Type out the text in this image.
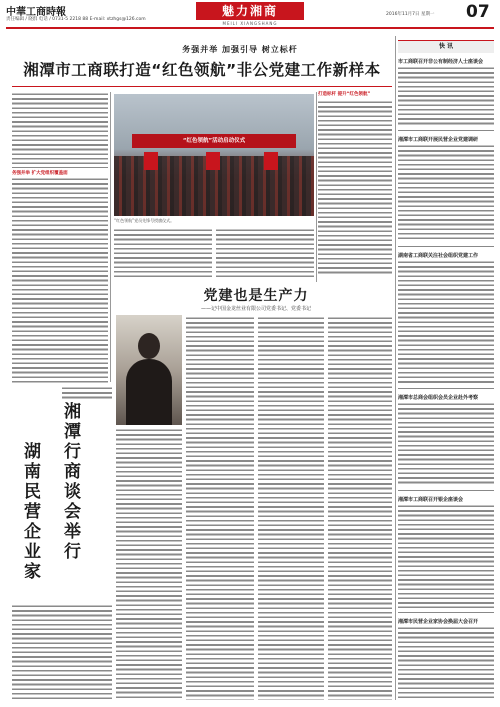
中華工商時報
责任编辑 / 晓群 电话 / 0731-5 2218 88 E-mail: xtzhgs@126.com
魅力湘商
MEILI XIANGSHANG
2016年11月7日 星期一 07
务强并举 加强引导 树立标杆
湘潭市工商联打造“红色领航”非公党建工作新样本
务强并举 扩大党组织覆盖面
打造标杆 提升“红色领航”
“红色领航”活动启动仪式
“红色领航”党员先锋号授旗仪式。
湘潭行商谈会举行
湖南民营企业家
党建也是生产力
——记中国金龙丝业有限公司党委书记、党委书记
快 讯
市工商联召开非公有制经济人士座谈会
湘潭市工商联开展民营企业党建调研
湖南省工商联关注社会组织党建工作
湘潭市总商会组织会员企业赴外考察
湘潭市工商联召开银企座谈会
湘潭市民营企业家协会换届大会召开
